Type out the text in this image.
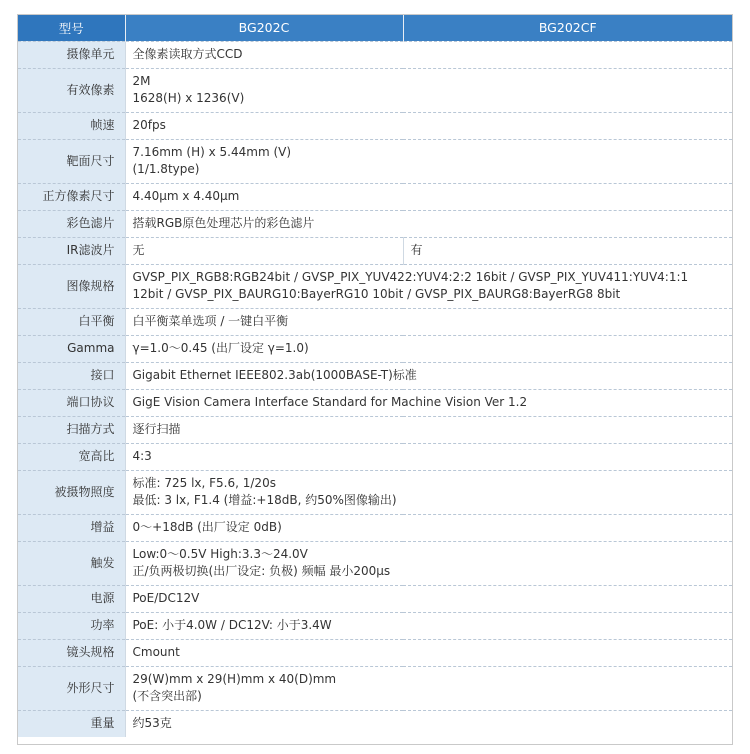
型号	BG202C	BG202CF
摄像单元	全像素读取方式CCD	

有效像素	2M
1628(H) x 1236(V)	

帧速	20fps	

靶面尺寸	7.16mm (H) x 5.44mm (V)
(1/1.8type)	

正方像素尺寸	4.40μm x 4.40μm	

彩色滤片	搭载RGB原色处理芯片的彩色滤片	

IR滤波片	无	有
图像规格	GVSP_PIX_RGB8:RGB24bit / GVSP_PIX_YUV422:YUV4:2:2 16bit / GVSP_PIX_YUV411:YUV4:1:1
12bit / GVSP_PIX_BAURG10:BayerRG10 10bit / GVSP_PIX_BAURG8:BayerRG8 8bit	

白平衡	白平衡菜单选项 / 一键白平衡	

Gamma	γ=1.0～0.45 (出厂设定 γ=1.0)	

接口	Gigabit Ethernet IEEE802.3ab(1000BASE-T)标准	

端口协议	GigE Vision Camera Interface Standard for Machine Vision Ver 1.2	

扫描方式	逐行扫描	

宽高比	4:3	

被摄物照度	标准: 725 lx, F5.6, 1/20s
最低: 3 lx, F1.4 (增益:+18dB, 约50%图像输出)	

增益	0～+18dB (出厂设定 0dB)	

触发	Low:0～0.5V High:3.3～24.0V
正/负两极切换(出厂设定: 负极) 频幅 最小200μs	

电源	PoE/DC12V	

功率	PoE: 小于4.0W / DC12V: 小于3.4W	

镜头规格	Cmount	

外形尺寸	29(W)mm x 29(H)mm x 40(D)mm
(不含突出部)	

重量	约53克	
